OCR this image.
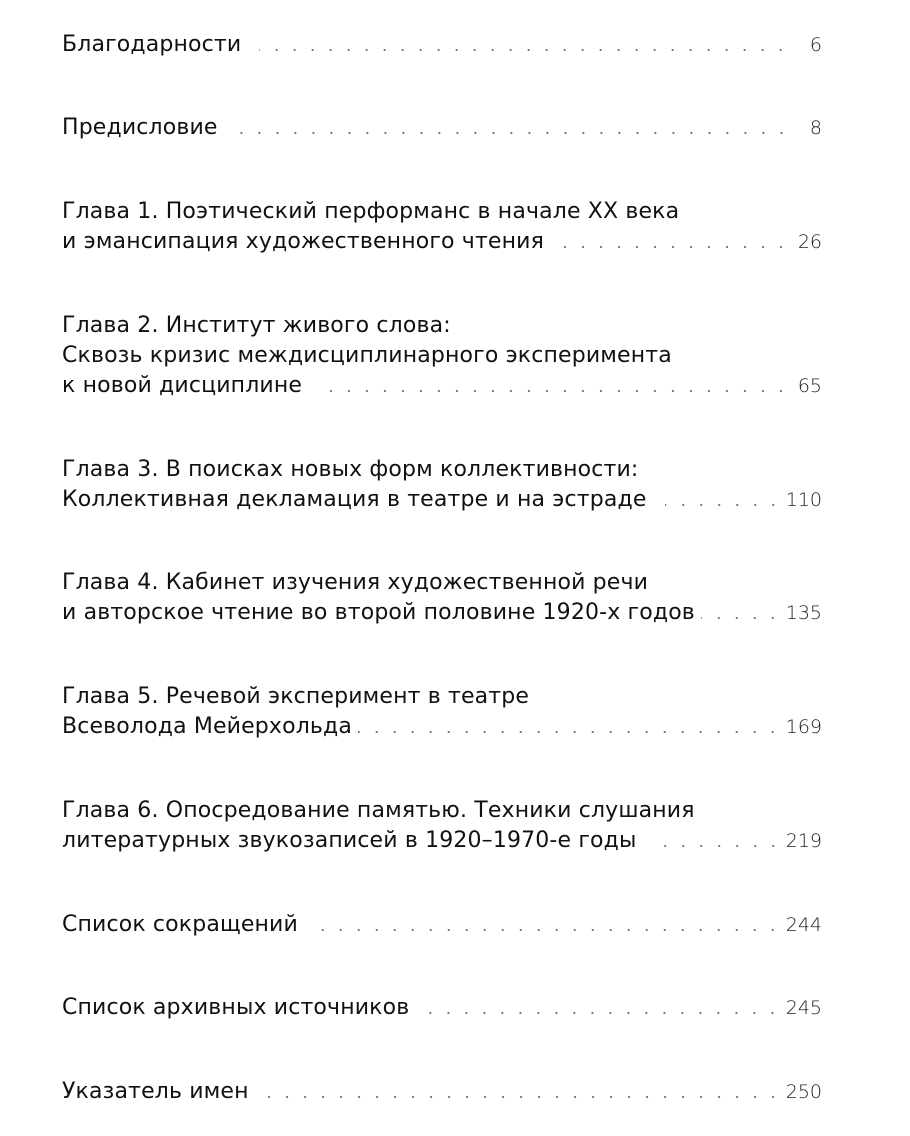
Благодарности	6
Предисловие	8
Глава 1. Поэтический перформанс в начале XX века
и эмансипация художественного чтения	26
Глава 2. Институт живого слова:
Сквозь кризис междисциплинарного эксперимента
к новой дисциплине	65
Глава 3. В поисках новых форм коллективности:
Коллективная декламация в театре и на эстраде	110
Глава 4. Кабинет изучения художественной речи
и авторское чтение во второй половине 1920-х годов	135
Глава 5. Речевой эксперимент в театре
Всеволода Мейерхольда	169
Глава 6. Опосредование памятью. Техники слушания
литературных звукозаписей в 1920–1970-е годы	219
Список сокращений	244
Список архивных источников	245
Указатель имен	250
